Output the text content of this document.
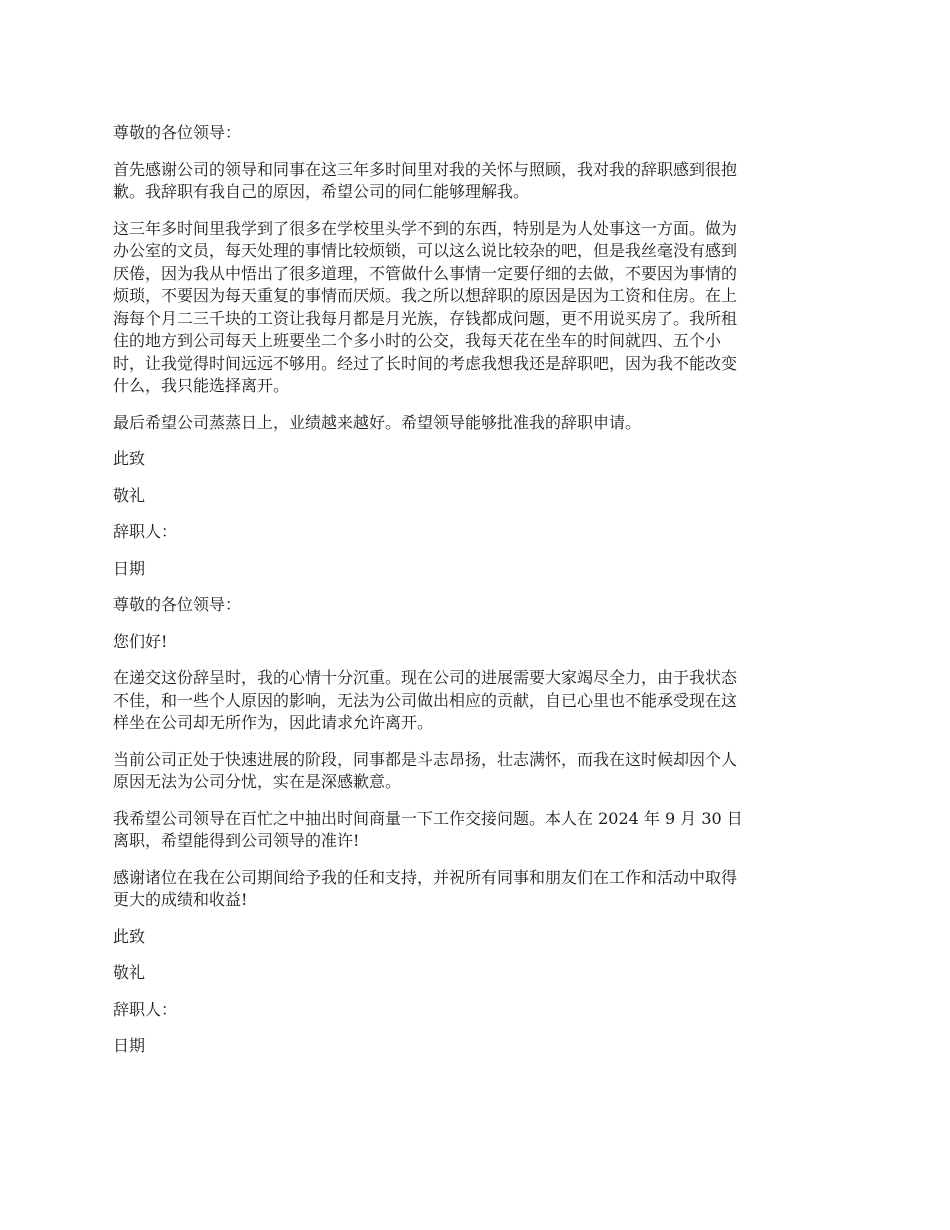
尊敬的各位领导：

首先感谢公司的领导和同事在这三年多时间里对我的关怀与照顾，我对我的辞职感到很抱
歉。我辞职有我自己的原因，希望公司的同仁能够理解我。

这三年多时间里我学到了很多在学校里头学不到的东西，特别是为人处事这一方面。做为
办公室的文员，每天处理的事情比较烦锁，可以这么说比较杂的吧，但是我丝毫没有感到
厌倦，因为我从中悟出了很多道理，不管做什么事情一定要仔细的去做，不要因为事情的
烦琐，不要因为每天重复的事情而厌烦。我之所以想辞职的原因是因为工资和住房。在上
海每个月二三千块的工资让我每月都是月光族，存钱都成问题，更不用说买房了。我所租
住的地方到公司每天上班要坐二个多小时的公交，我每天花在坐车的时间就四、五个小
时，让我觉得时间远远不够用。经过了长时间的考虑我想我还是辞职吧，因为我不能改变
什么，我只能选择离开。

最后希望公司蒸蒸日上，业绩越来越好。希望领导能够批准我的辞职申请。

此致

敬礼

辞职人：

日期

尊敬的各位领导：

您们好!

在递交这份辞呈时，我的心情十分沉重。现在公司的进展需要大家竭尽全力，由于我状态
不佳，和一些个人原因的影响，无法为公司做出相应的贡献，自已心里也不能承受现在这
样坐在公司却无所作为，因此请求允许离开。

当前公司正处于快速进展的阶段，同事都是斗志昂扬，壮志满怀，而我在这时候却因个人
原因无法为公司分忧，实在是深感歉意。

我希望公司领导在百忙之中抽出时间商量一下工作交接问题。本人在 2024 年 9 月 30 日
离职，希望能得到公司领导的准许!

感谢诸位在我在公司期间给予我的任和支持，并祝所有同事和朋友们在工作和活动中取得
更大的成绩和收益!

此致

敬礼

辞职人：

日期
